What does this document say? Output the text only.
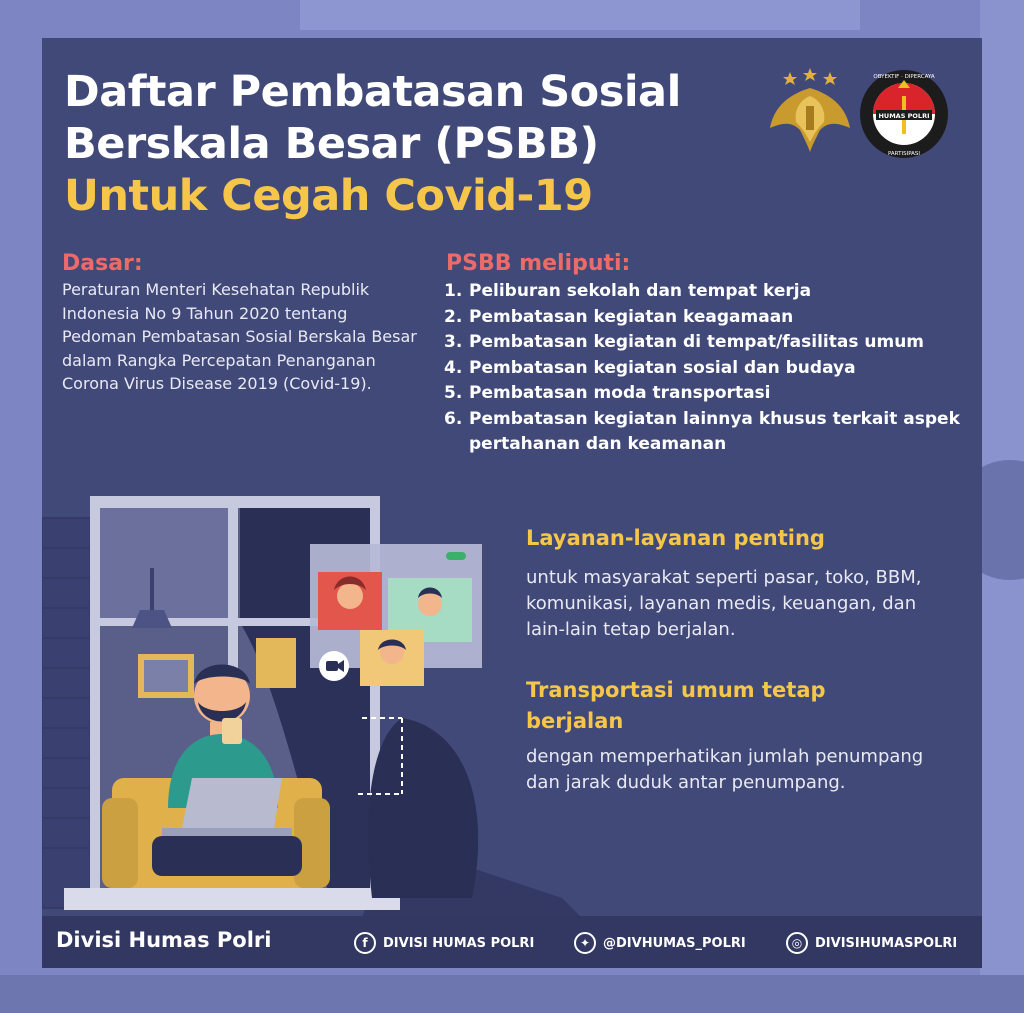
Daftar Pembatasan Sosial
Berskala Besar (PSBB)
Untuk Cegah Covid-19
HUMAS POLRI
OBYEKTIF · DIPERCAYA
PARTISIPASI
Dasar:
Peraturan Menteri Kesehatan Republik Indonesia No 9 Tahun 2020 tentang Pedoman Pembatasan Sosial Berskala Besar dalam Rangka Percepatan Penanganan Corona Virus Disease 2019 (Covid-19).
PSBB meliputi:
1. Peliburan sekolah dan tempat kerja
2. Pembatasan kegiatan keagamaan
3. Pembatasan kegiatan di tempat/fasilitas umum
4. Pembatasan kegiatan sosial dan budaya
5. Pembatasan moda transportasi
6. Pembatasan kegiatan lainnya khusus terkait aspek pertahanan dan keamanan
Layanan-layanan penting
untuk masyarakat seperti pasar, toko, BBM, komunikasi, layanan medis, keuangan, dan lain-lain tetap berjalan.
Transportasi umum tetap berjalan
dengan memperhatikan jumlah penumpang dan jarak duduk antar penumpang.
Divisi Humas Polri	f	DIVISI HUMAS POLRI	✦ @DIVHUMAS_POLRI	◎ DIVISIHUMASPOLRI
